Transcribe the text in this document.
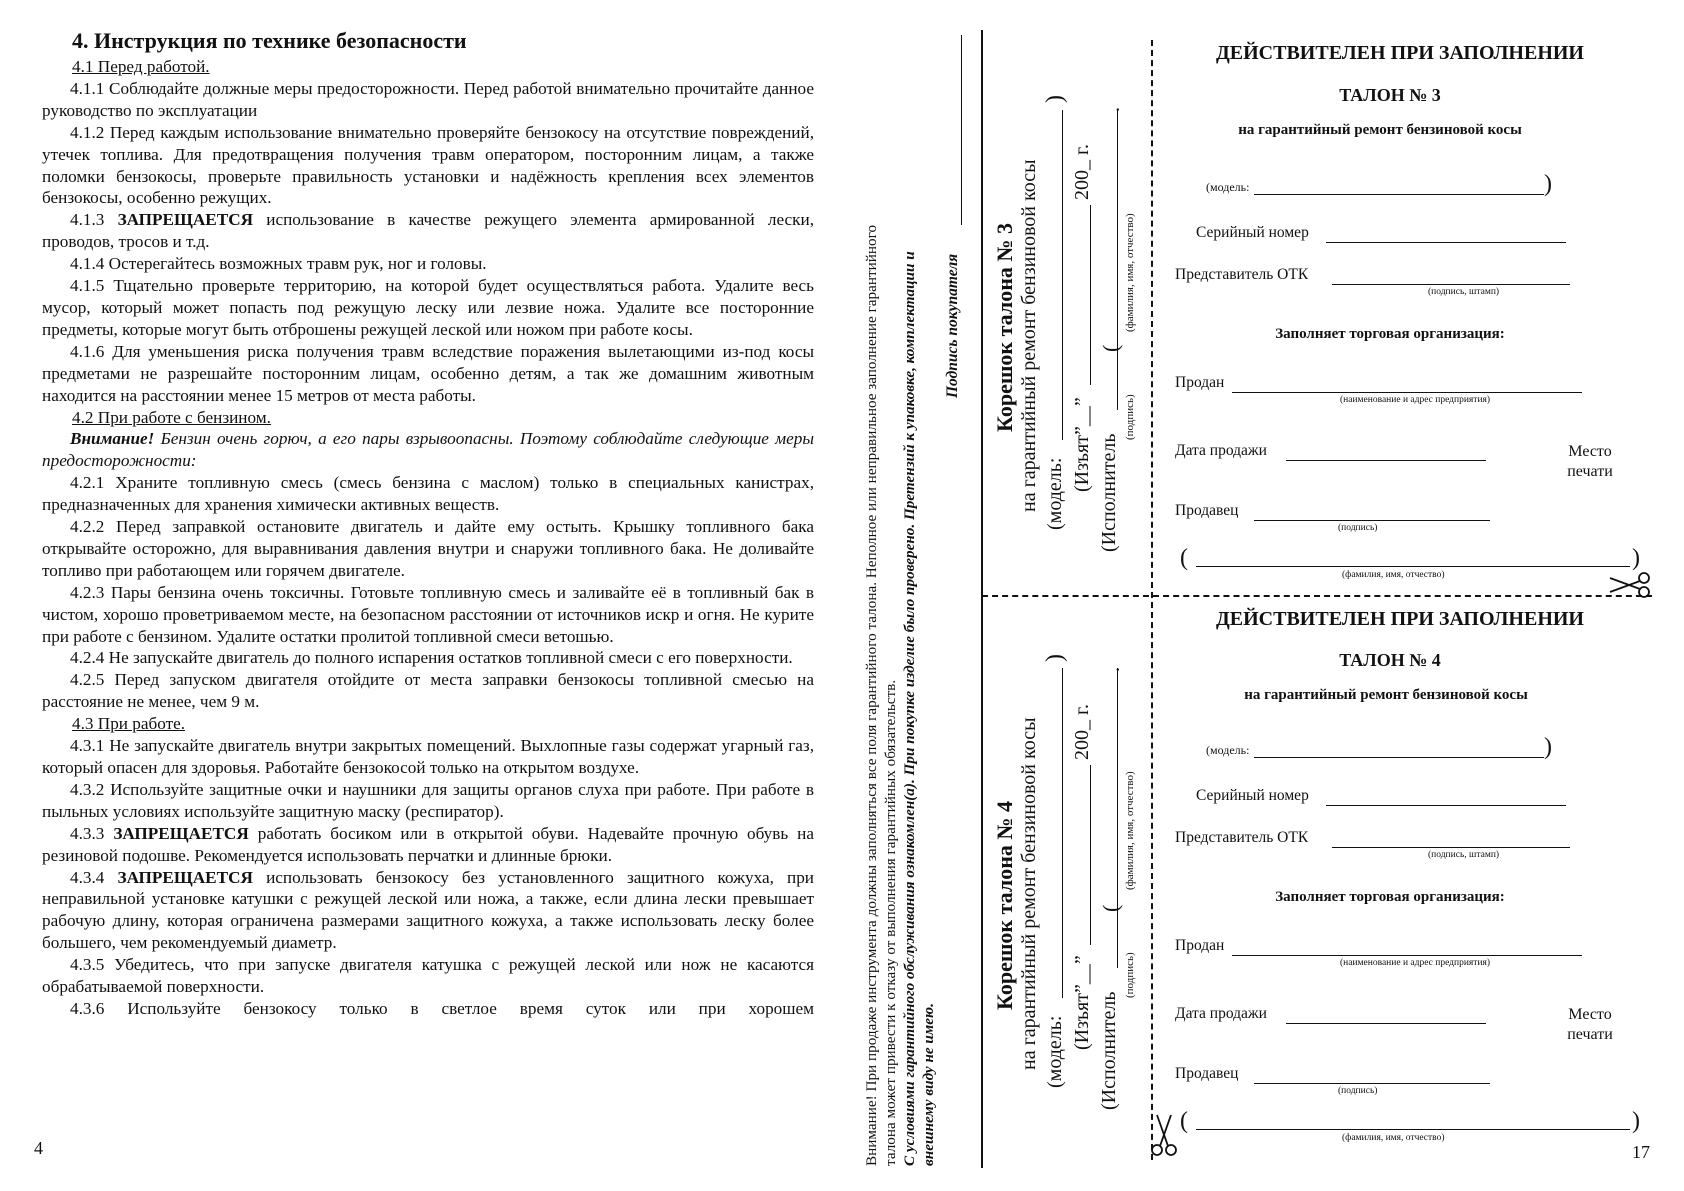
4. Инструкция по технике безопасности

4.1 Перед работой.

4.1.1 Соблюдайте должные меры предосторожности. Перед работой внимательно прочитайте данное руководство по эксплуатации

4.1.2 Перед каждым использование внимательно проверяйте бензокосу на отсутствие повреждений, утечек топлива. Для предотвращения получения травм оператором, посторонним лицам, а также поломки бензокосы, проверьте правильность установки и надёжность крепления всех элементов бензокосы, особенно режущих.

4.1.3 ЗАПРЕЩАЕТСЯ использование в качестве режущего элемента армированной лески, проводов, тросов и т.д.

4.1.4 Остерегайтесь возможных травм рук, ног и головы.

4.1.5 Тщательно проверьте территорию, на которой будет осуществляться работа. Удалите весь мусор, который может попасть под режущую леску или лезвие ножа. Удалите все посторонние предметы, которые могут быть отброшены режущей леской или ножом при работе косы.

4.1.6 Для уменьшения риска получения травм вследствие поражения вылетающими из-под косы предметами не разрешайте посторонним лицам, особенно детям, а так же домашним животным находится на расстоянии менее 15 метров от места работы.

4.2 При работе с бензином.

Внимание! Бензин очень горюч, а его пары взрывоопасны. Поэтому соблюдайте следующие меры предосторожности:

4.2.1 Храните топливную смесь (смесь бензина с маслом) только в специальных канистрах, предназначенных для хранения химически активных веществ.

4.2.2 Перед заправкой остановите двигатель и дайте ему остыть. Крышку топливного бака открывайте осторожно, для выравнивания давления внутри и снаружи топливного бака. Не доливайте топливо при работающем или горячем двигателе.

4.2.3 Пары бензина очень токсичны. Готовьте топливную смесь и заливайте её в топливный бак в чистом, хорошо проветриваемом месте, на безопасном расстоянии от источников искр и огня. Не курите при работе с бензином. Удалите остатки пролитой топливной смеси ветошью.

4.2.4 Не запускайте двигатель до полного испарения остатков топливной смеси с его поверхности.

4.2.5 Перед запуском двигателя отойдите от места заправки бензокосы топливной смесью на расстояние не менее, чем 9 м.

4.3 При работе.

4.3.1 Не запускайте двигатель внутри закрытых помещений. Выхлопные газы содержат угарный газ, который опасен для здоровья. Работайте бензокосой только на открытом воздухе.

4.3.2 Используйте защитные очки и наушники для защиты органов слуха при работе. При работе в пыльных условиях используйте защитную маску (респиратор).

4.3.3 ЗАПРЕЩАЕТСЯ работать босиком или в открытой обуви. Надевайте прочную обувь на резиновой подошве. Рекомендуется использовать перчатки и длинные брюки.

4.3.4 ЗАПРЕЩАЕТСЯ использовать бензокосу без установленного защитного кожуха, при неправильной установке катушки с режущей леской или ножа, а также, если длина лески превышает рабочую длину, которая ограничена размерами защитного кожуха, а также использовать леску более большего, чем рекомендуемый диаметр.

4.3.5 Убедитесь, что при запуске двигателя катушка с режущей леской или нож не касаются обрабатываемой поверхности.

4.3.6 Используйте бензокосу только в светлое время суток или при хорошем

4	Внимание! При продаже инструмента должны заполняться все поля гарантийного талона. Неполное или неправильное заполнение гарантийного талона может привести к отказу от выполнения гарантийных обязательств. С условиями гарантийного обслуживания ознакомлен(а). При покупке изделие было проверено. Претензий к упаковке, комплектации и внешнему виду не имею.
Подпись покупателя Корешок талона № 3 на гарантийный ремонт бензиновой косы (модель:
)
(Изъят”__”
200_ г.
(Исполнитель
(
.
(подпись)
(фамилия, имя, отчество)
Корешок талона № 4 на гарантийный ремонт бензиновой косы (модель:
)
(Изъят”__”
200_ г.
(Исполнитель
(
.
(подпись)
(фамилия, имя, отчество)
ДЕЙСТВИТЕЛЕН ПРИ ЗАПОЛНЕНИИ
ТАЛОН № 3
на гарантийный ремонт бензиновой косы
(модель:	)
Серийный номер
Представитель ОТК
(подпись, штамп)
Заполняет торговая организация:
Продан
(наименование и адрес предприятия)
Дата продажи	Место
печати
Продавец
(подпись)
(	)
(фамилия, имя, отчество)
ДЕЙСТВИТЕЛЕН ПРИ ЗАПОЛНЕНИИ
ТАЛОН № 4
на гарантийный ремонт бензиновой косы
(модель:	)
Серийный номер
Представитель ОТК
(подпись, штамп)
Заполняет торговая организация:
Продан
(наименование и адрес предприятия)
Дата продажи	Место
печати
Продавец
(подпись)
(	)
(фамилия, имя, отчество)
17
